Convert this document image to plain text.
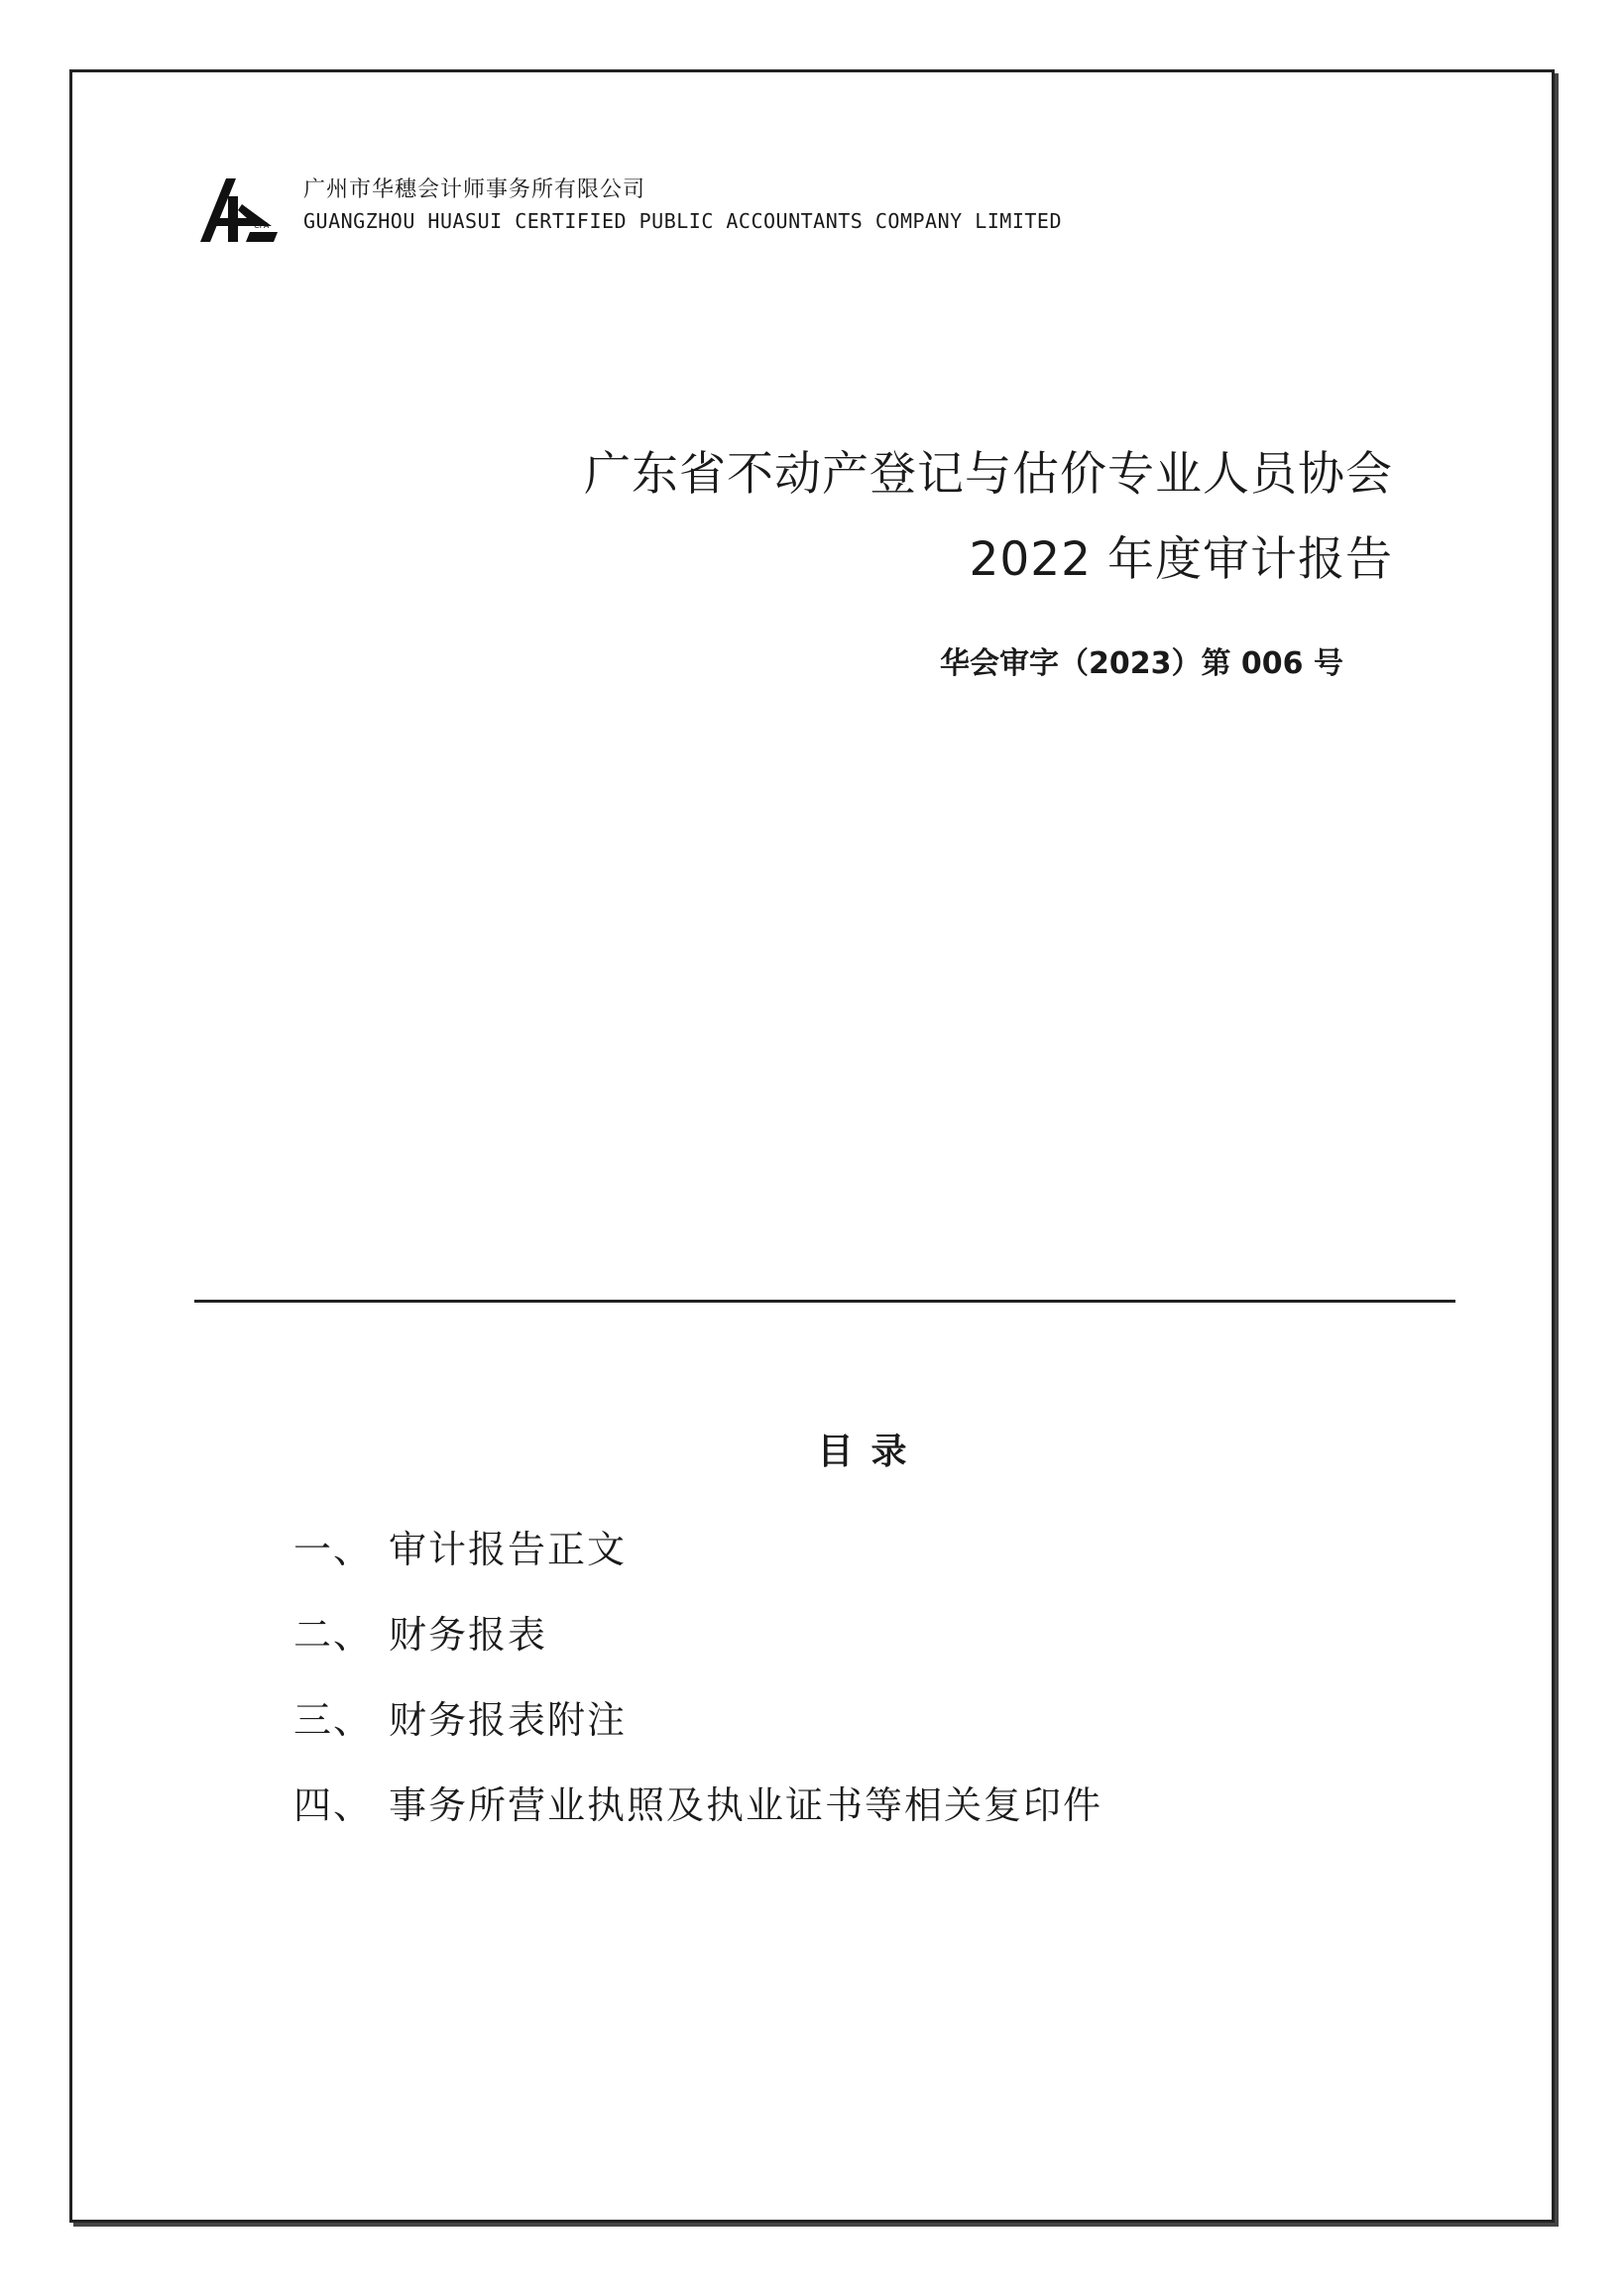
CPA
广州市华穗会计师事务所有限公司
GUANGZHOU HUASUI CERTIFIED PUBLIC ACCOUNTANTS COMPANY LIMITED
广东省不动产登记与估价专业人员协会
2022 年度审计报告
华会审字（2023）第 006 号
目录
一、 审计报告正文
二、 财务报表
三、 财务报表附注
四、 事务所营业执照及执业证书等相关复印件
